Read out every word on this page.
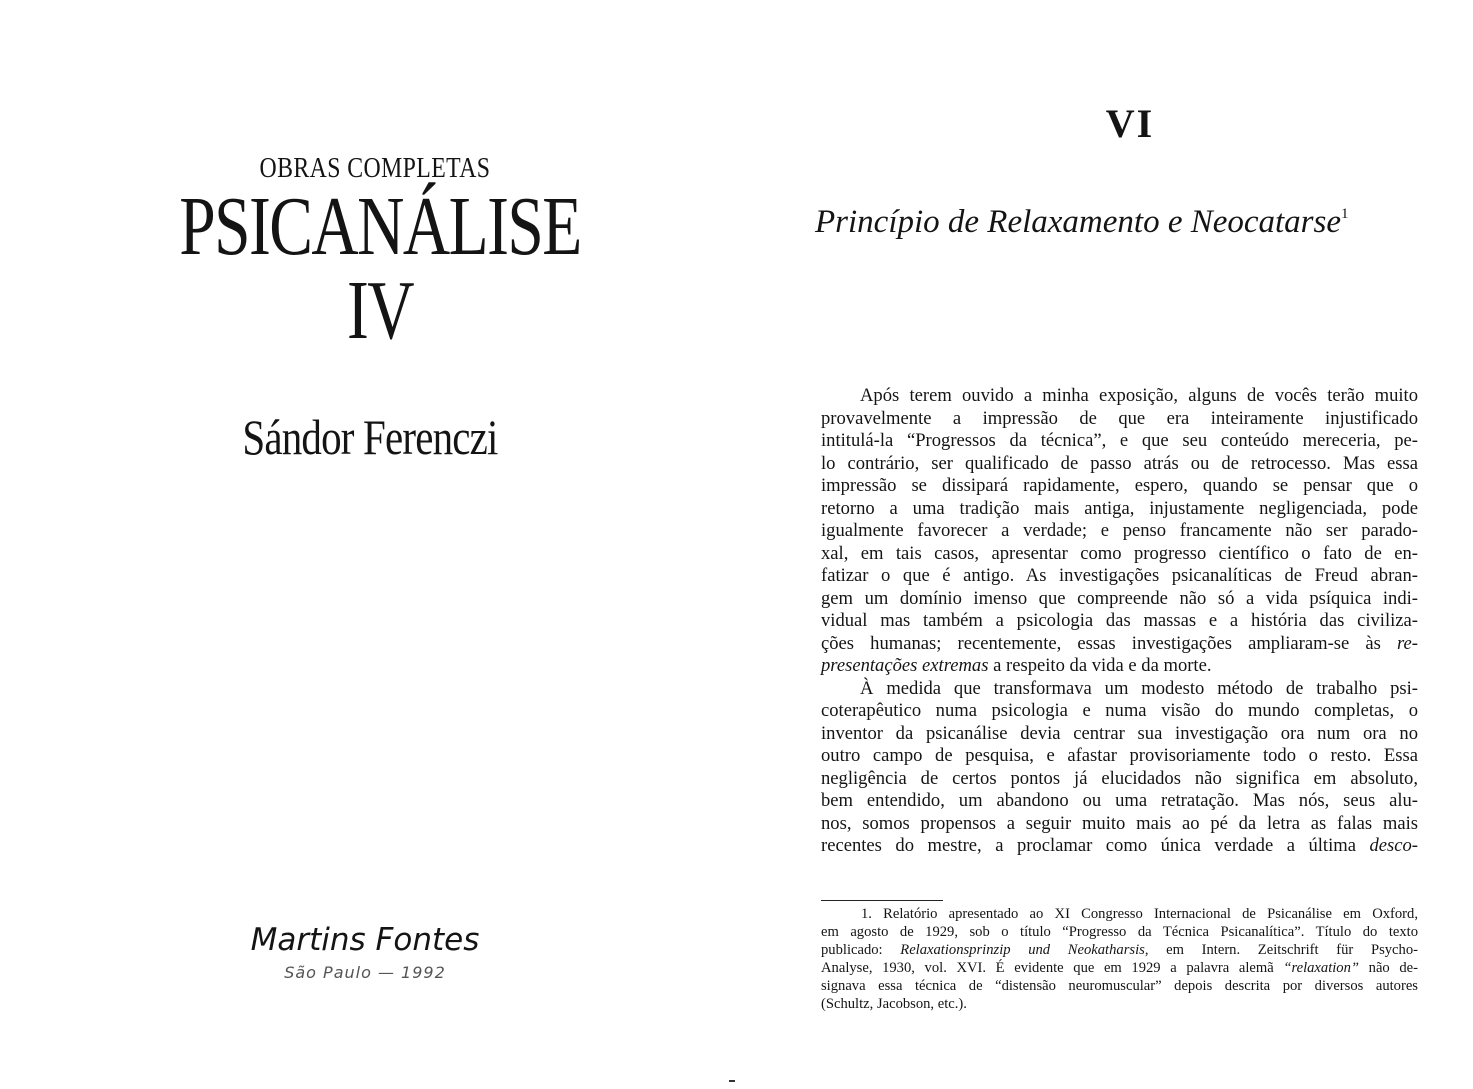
OBRAS COMPLETAS
PSICANÁLISE IV
Sándor Ferenczi
Martins Fontes
São Paulo — 1992
VI
Princípio de Relaxamento e Neocatarse$^1$
Após terem ouvido a minha exposição, alguns de vocês terão muito
provavelmente a impressão de que era inteiramente injustificado
intitulá-la “Progressos da técnica”, e que seu conteúdo mereceria, pe-
lo contrário, ser qualificado de passo atrás ou de retrocesso. Mas essa
impressão se dissipará rapidamente, espero, quando se pensar que o
retorno a uma tradição mais antiga, injustamente negligenciada, pode
igualmente favorecer a verdade; e penso francamente não ser parado-
xal, em tais casos, apresentar como progresso científico o fato de en-
fatizar o que é antigo. As investigações psicanalíticas de Freud abran-
gem um domínio imenso que compreende não só a vida psíquica indi-
vidual mas também a psicologia das massas e a história das civiliza-
ções humanas; recentemente, essas investigações ampliaram-se às re-
presentações extremas a respeito da vida e da morte.
À medida que transformava um modesto método de trabalho psi-
coterapêutico numa psicologia e numa visão do mundo completas, o
inventor da psicanálise devia centrar sua investigação ora num ora no
outro campo de pesquisa, e afastar provisoriamente todo o resto. Essa
negligência de certos pontos já elucidados não significa em absoluto,
bem entendido, um abandono ou uma retratação. Mas nós, seus alu-
nos, somos propensos a seguir muito mais ao pé da letra as falas mais
recentes do mestre, a proclamar como única verdade a última desco-
1. Relatório apresentado ao XI Congresso Internacional de Psicanálise em Oxford,
em agosto de 1929, sob o título “Progresso da Técnica Psicanalítica”. Título do texto
publicado: Relaxationsprinzip und Neokatharsis, em Intern. Zeitschrift für Psycho-
Analyse, 1930, vol. XVI. É evidente que em 1929 a palavra alemã “relaxation” não de-
signava essa técnica de “distensão neuromuscular” depois descrita por diversos autores
(Schultz, Jacobson, etc.).
